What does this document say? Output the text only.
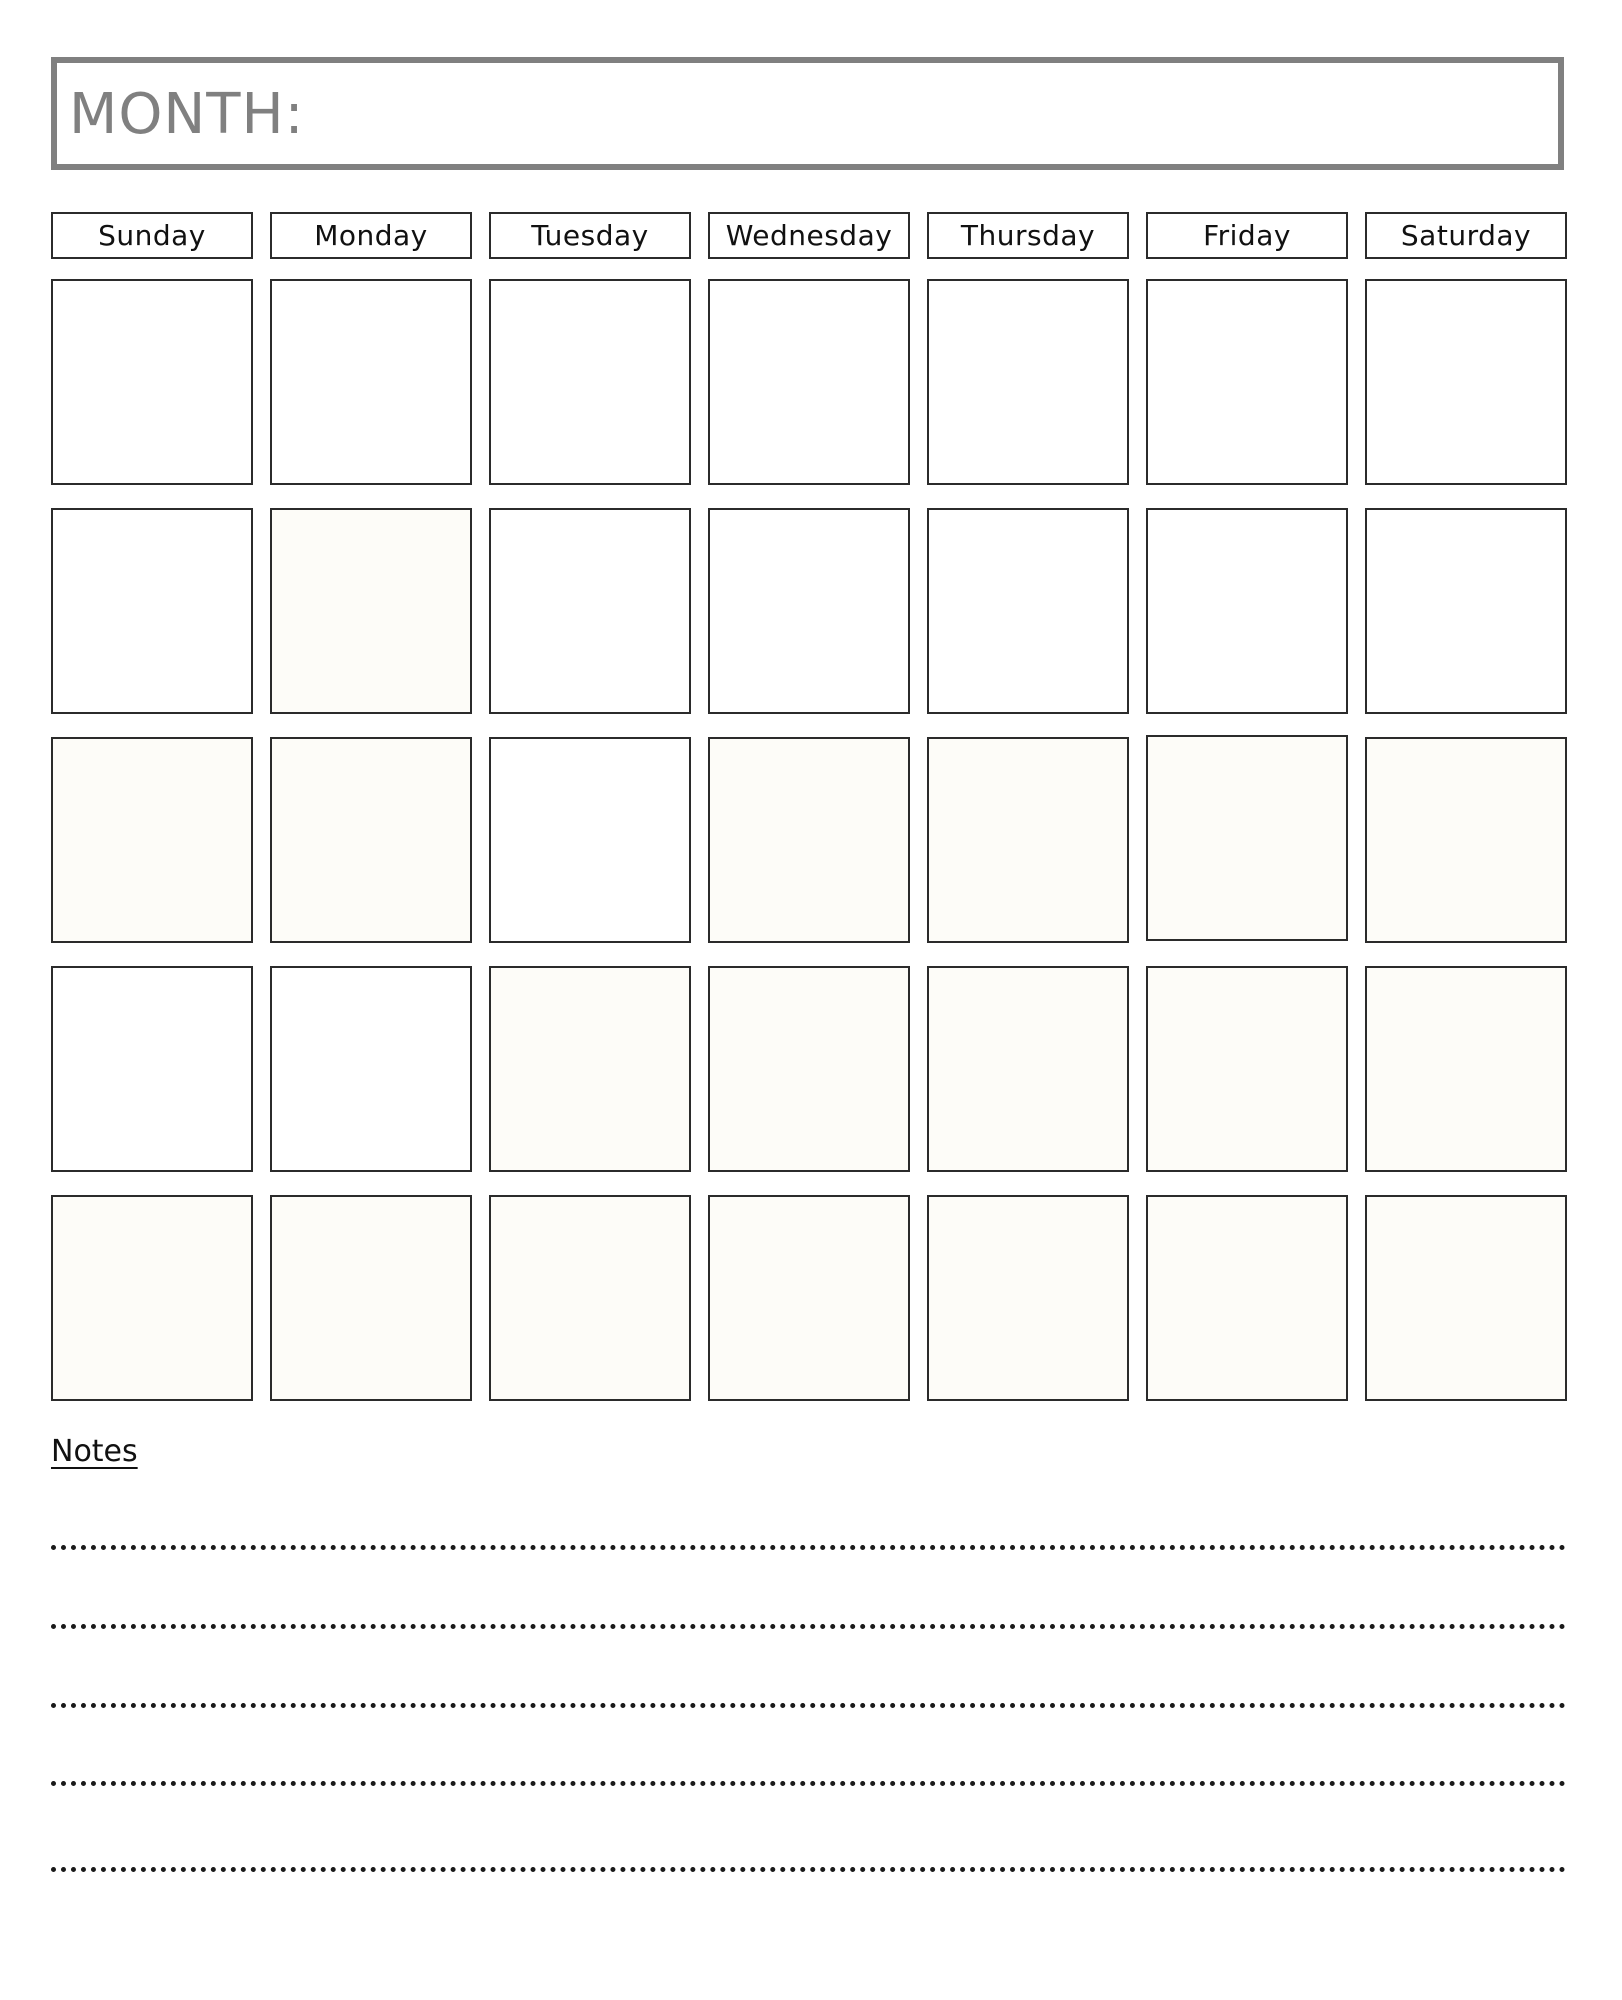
MONTH:
Sunday	Monday	Tuesday	Wednesday	Thursday	Friday	Saturday
Notes
